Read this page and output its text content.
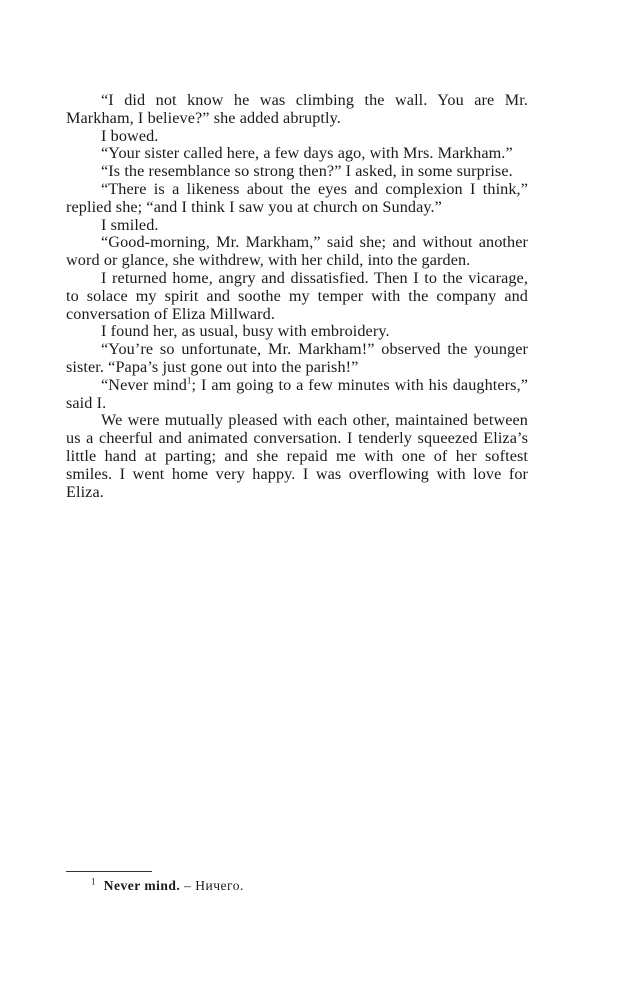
“I did not know he was climbing the wall. You are Mr. Markham, I believe?” she added abruptly.

I bowed.

“Your sister called here, a few days ago, with Mrs. Markham.”

“Is the resemblance so strong then?” I asked, in some surprise.

“There is a likeness about the eyes and complexion I think,” replied she; “and I think I saw you at church on Sunday.”

I smiled.

“Good-morning, Mr. Markham,” said she; and without another word or glance, she withdrew, with her child, into the garden.

I returned home, angry and dissatisfied. Then I to the vicarage, to solace my spirit and soothe my temper with the company and conversation of Eliza Millward.

I found her, as usual, busy with embroidery.

“You’re so unfortunate, Mr. Markham!” observed the younger sister. “Papa’s just gone out into the parish!”

“Never mind$^1$; I am going to a few minutes with his daughters,” said I.

We were mutually pleased with each other, maintained between us a cheerful and animated conversation. I tenderly squeezed Eliza’s little hand at parting; and she repaid me with one of her softest smiles. I went home very happy. I was overflowing with love for Eliza.

$^1$ Never mind. – Ничего.
